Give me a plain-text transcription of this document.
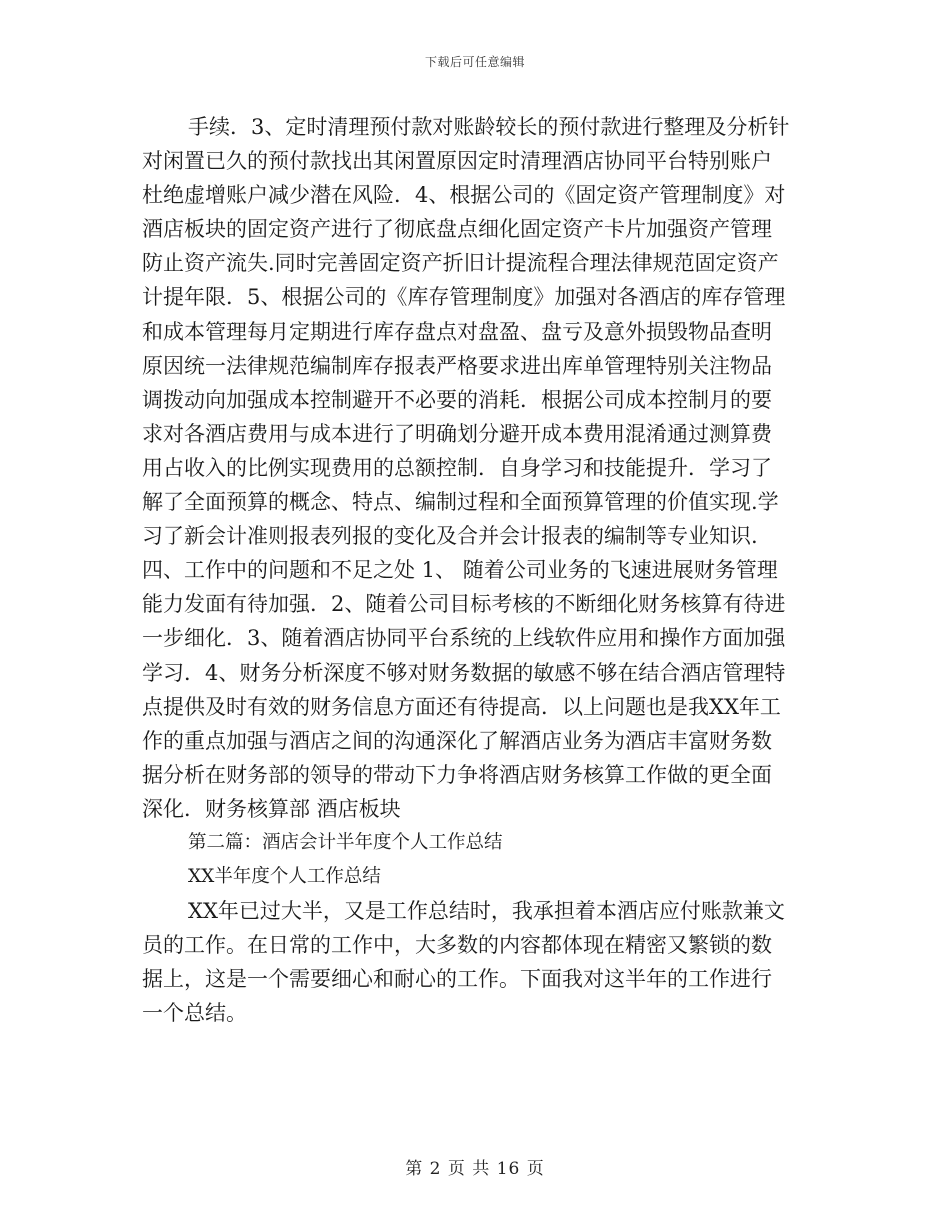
下载后可任意编辑
手续．3、定时清理预付款对账龄较长的预付款进行整理及分析针
对闲置已久的预付款找出其闲置原因定时清理酒店协同平台特别账户
杜绝虚增账户减少潜在风险．4、根据公司的《固定资产管理制度》对
酒店板块的固定资产进行了彻底盘点细化固定资产卡片加强资产管理
防止资产流失.同时完善固定资产折旧计提流程合理法律规范固定资产
计提年限．5、根据公司的《库存管理制度》加强对各酒店的库存管理
和成本管理每月定期进行库存盘点对盘盈、盘亏及意外损毁物品查明
原因统一法律规范编制库存报表严格要求进出库单管理特别关注物品
调拨动向加强成本控制避开不必要的消耗．根据公司成本控制月的要
求对各酒店费用与成本进行了明确划分避开成本费用混淆通过测算费
用占收入的比例实现费用的总额控制．自身学习和技能提升．学习了
解了全面预算的概念、特点、编制过程和全面预算管理的价值实现.学
习了新会计准则报表列报的变化及合并会计报表的编制等专业知识.
四、工作中的问题和不足之处 1、 随着公司业务的飞速进展财务管理
能力发面有待加强．2、随着公司目标考核的不断细化财务核算有待进
一步细化．3、随着酒店协同平台系统的上线软件应用和操作方面加强
学习．4、财务分析深度不够对财务数据的敏感不够在结合酒店管理特
点提供及时有效的财务信息方面还有待提高．以上问题也是我XX年工
作的重点加强与酒店之间的沟通深化了解酒店业务为酒店丰富财务数
据分析在财务部的领导的带动下力争将酒店财务核算工作做的更全面
深化．财务核算部 酒店板块
第二篇：酒店会计半年度个人工作总结
XX半年度个人工作总结
XX年已过大半，又是工作总结时，我承担着本酒店应付账款兼文
员的工作。在日常的工作中，大多数的内容都体现在精密又繁锁的数
据上，这是一个需要细心和耐心的工作。下面我对这半年的工作进行
一个总结。
第 2 页 共 16 页
